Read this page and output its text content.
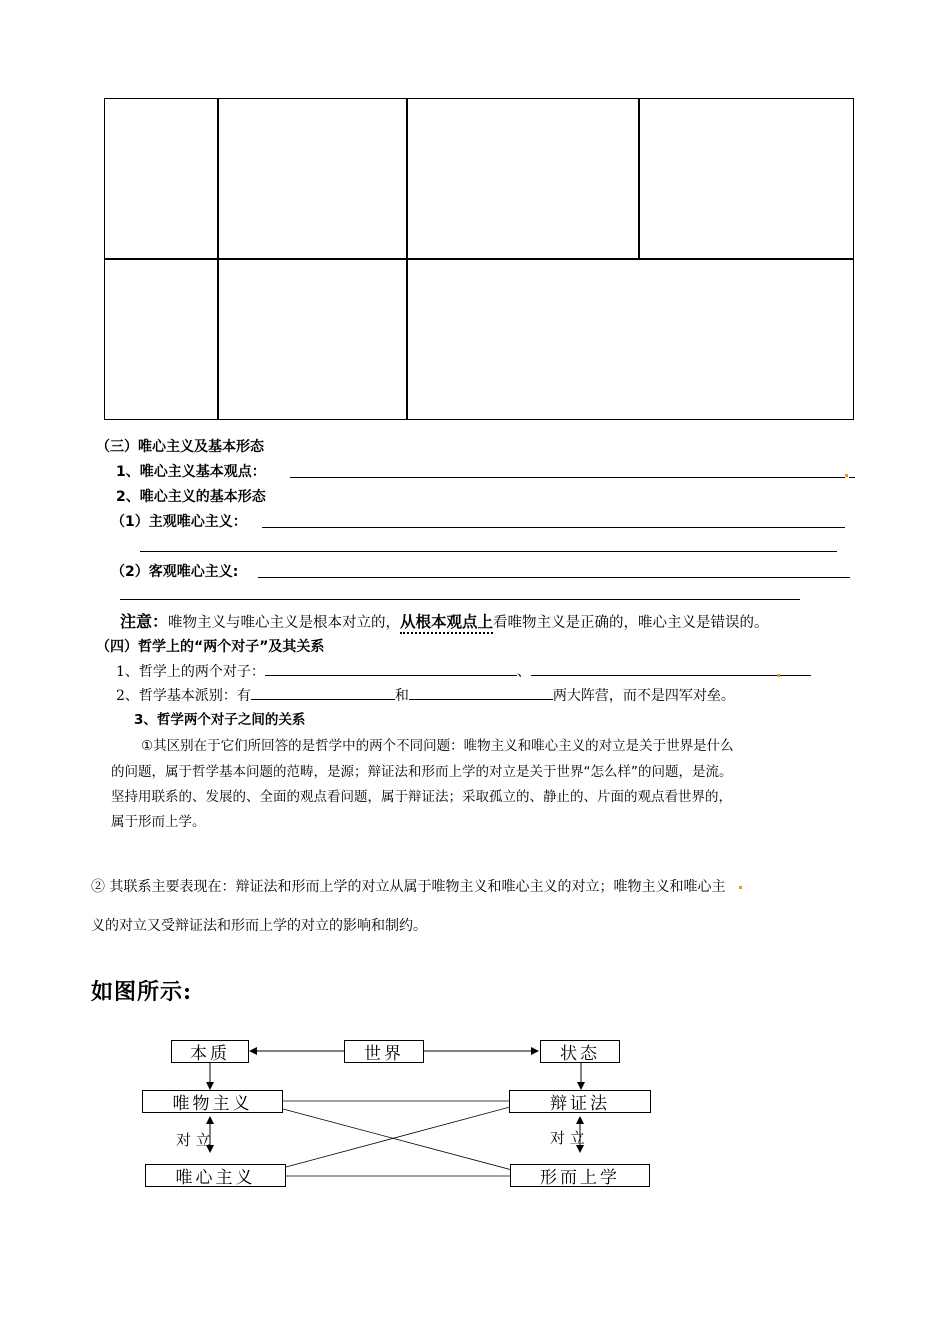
（三）唯心主义及基本形态
1、唯心主义基本观点：
2、唯心主义的基本形态
（1）主观唯心主义：
（2）客观唯心主义:
注意：唯物主义与唯心主义是根本对立的，从根本观点上看唯物主义是正确的，唯心主义是错误的。
（四）哲学上的“两个对子”及其关系
1、哲学上的两个对子：	、
2、哲学基本派别：有	和	两大阵营，而不是四军对垒。
3、哲学两个对子之间的关系
①其区别在于它们所回答的是哲学中的两个不同问题：唯物主义和唯心主义的对立是关于世界是什么
的问题，属于哲学基本问题的范畴，是源；辩证法和形而上学的对立是关于世界“怎么样”的问题，是流。
坚持用联系的、发展的、全面的观点看问题，属于辩证法；采取孤立的、静止的、片面的观点看世界的，
属于形而上学。
② 其联系主要表现在：辩证法和形而上学的对立从属于唯物主义和唯心主义的对立；唯物主义和唯心主
义的对立又受辩证法和形而上学的对立的影响和制约。
如图所示:
本质	世界	状态
唯物主义	辩证法
唯心主义	形而上学
对 立	对 立
